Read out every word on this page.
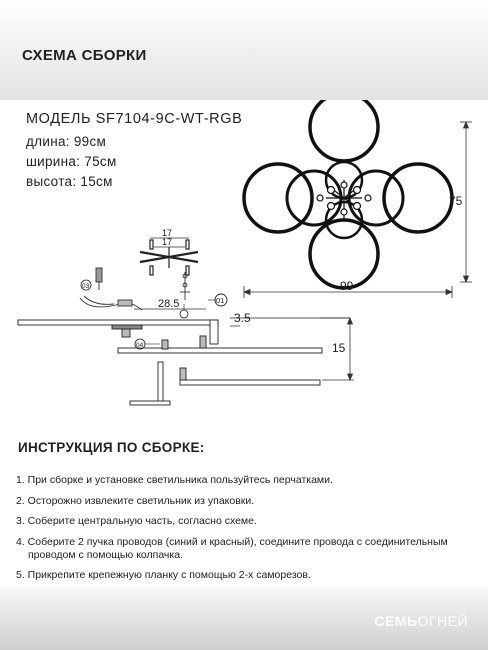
СХЕМА СБОРКИ
МОДЕЛЬ SF7104-9C-WT-RGB
длина: 99см
ширина: 75см
высота: 15см
99
75
17
17
01
03
28.5
3.5
15
04
ИНСТРУКЦИЯ ПО СБОРКЕ:
1. При сборке и установке светильника пользуйтесь перчатками.
2. Осторожно извлеките светильник из упаковки.
3. Соберите центральную часть, согласно схеме.
4. Соберите 2 пучка проводов (синий и красный), соедините провода с соединительным
проводом с помощью колпачка.
5. Прикрепите крепежную планку с помощью 2-х саморезов.
СЕМЬОГНЕЙ
